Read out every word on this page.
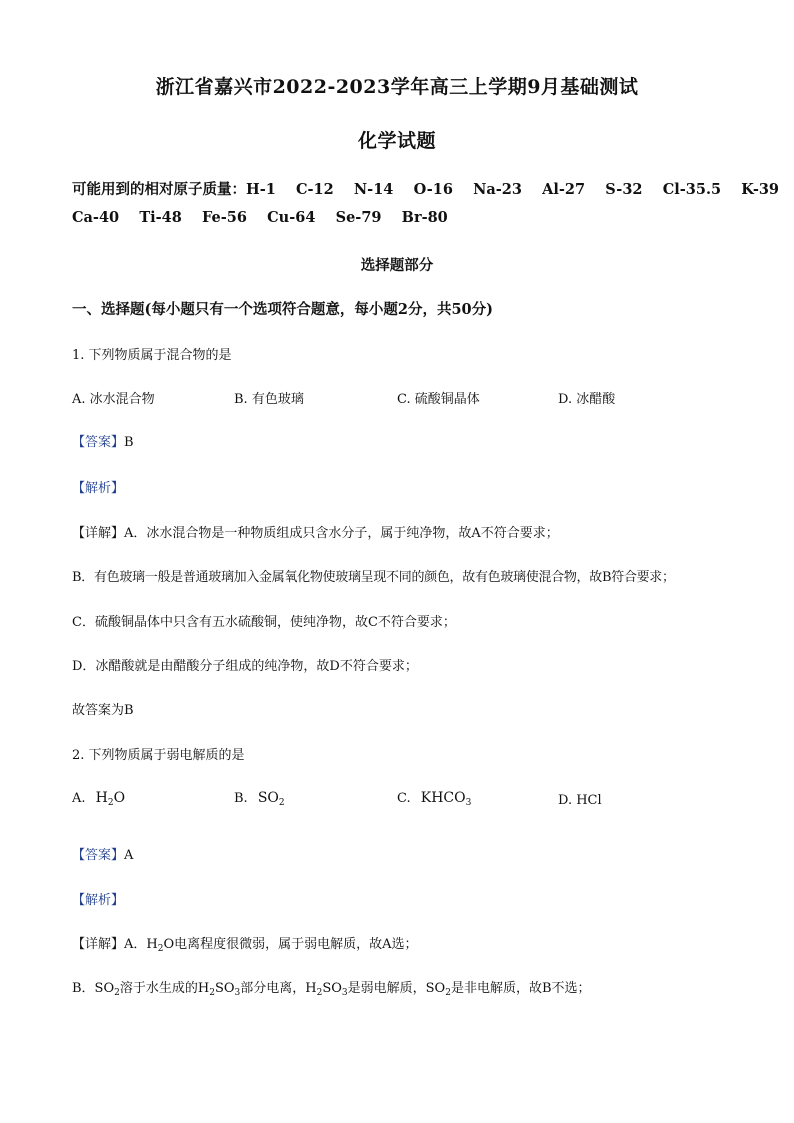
浙江省嘉兴市2022-2023学年高三上学期9月基础测试
化学试题
可能用到的相对原子质量：H-1    C-12    N-14    O-16    Na-23    Al-27    S-32    Cl-35.5    K-39
Ca-40    Ti-48    Fe-56    Cu-64    Se-79    Br-80
选择题部分
一、选择题(每小题只有一个选项符合题意，每小题2分，共50分)
1. 下列物质属于混合物的是
A. 冰水混合物	B. 有色玻璃	C. 硫酸铜晶体	D. 冰醋酸
【答案】B
【解析】
【详解】A．冰水混合物是一种物质组成只含水分子，属于纯净物，故A不符合要求；
B．有色玻璃一般是普通玻璃加入金属氧化物使玻璃呈现不同的颜色，故有色玻璃使混合物，故B符合要求；
C．硫酸铜晶体中只含有五水硫酸铜，使纯净物，故C不符合要求；
D．冰醋酸就是由醋酸分子组成的纯净物，故D不符合要求；
故答案为B
2. 下列物质属于弱电解质的是
A. $H_2O$	B. $SO_2$	C. $KHCO_3$	D. HCl
【答案】A
【解析】
【详解】A．$H_2O$电离程度很微弱，属于弱电解质，故A选；
B．$SO_2$溶于水生成的$H_2SO_3$部分电离，$H_2SO_3$是弱电解质，$SO_2$是非电解质，故B不选；
